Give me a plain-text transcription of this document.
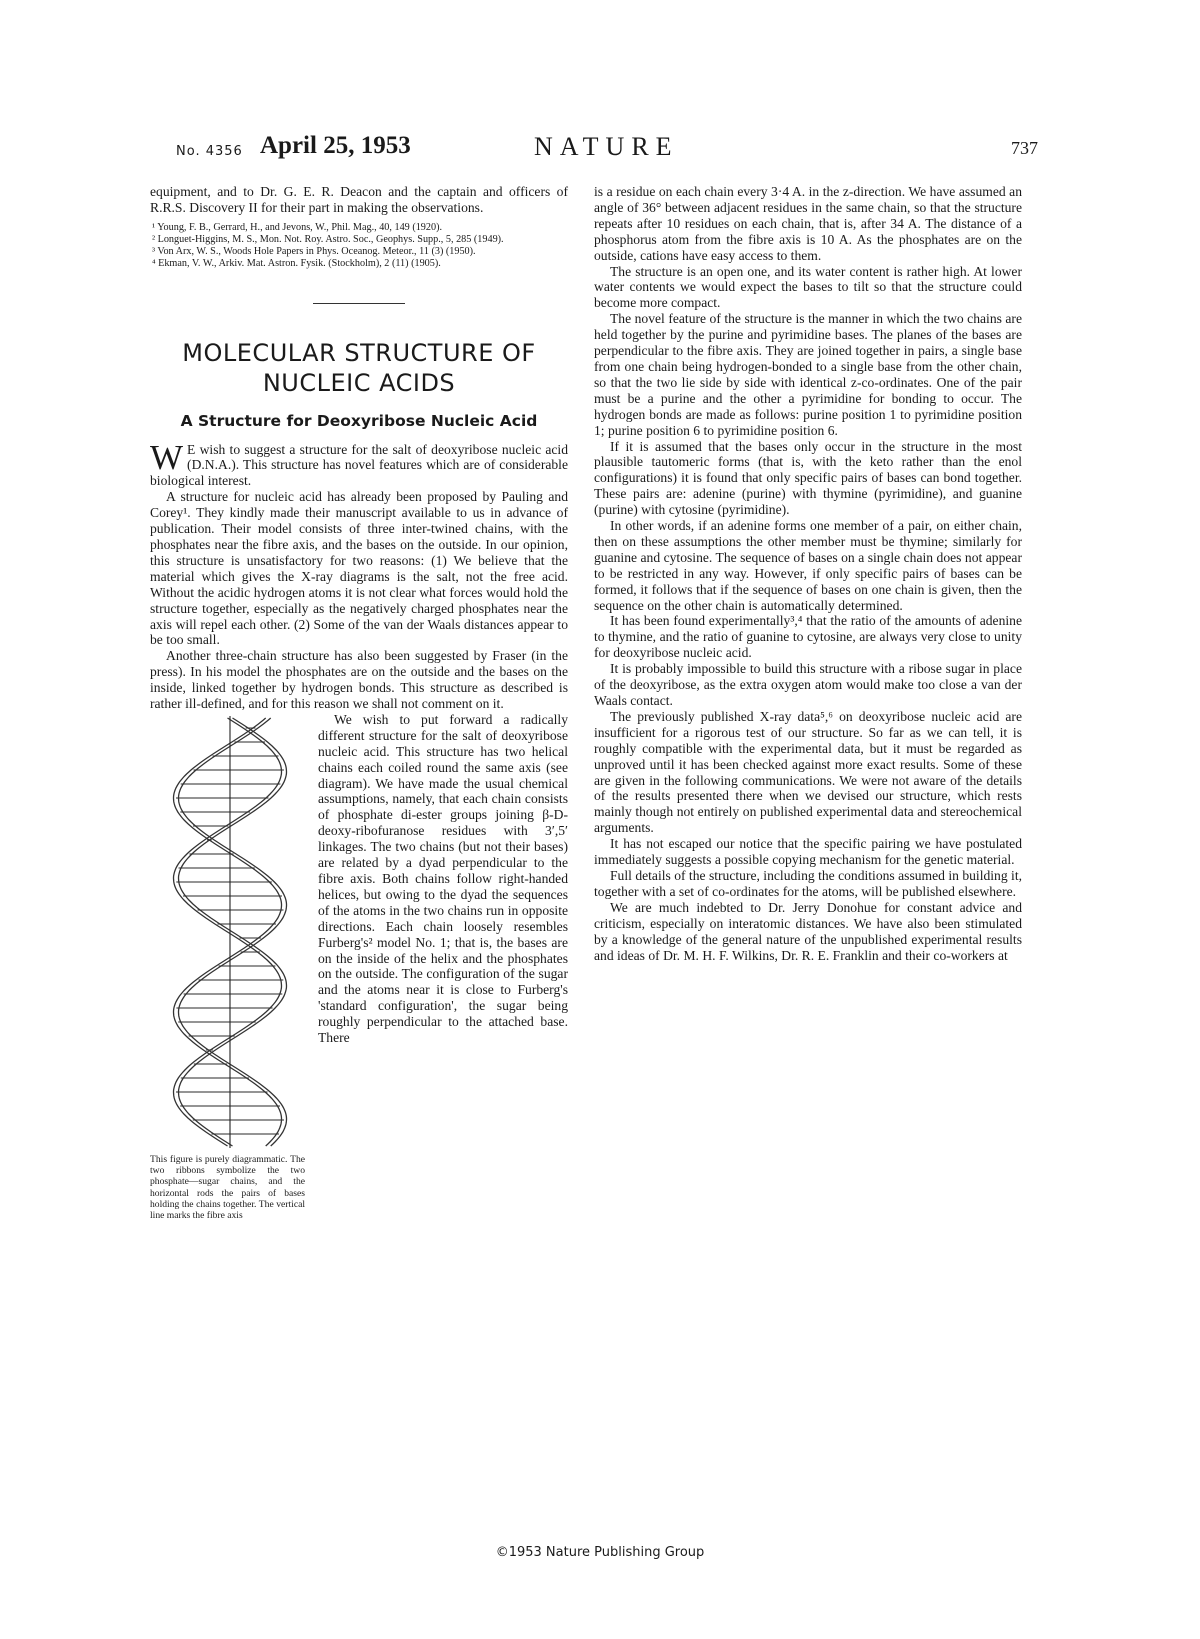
No. 4356 April 25, 1953	NATURE	737

equipment, and to Dr. G. E. R. Deacon and the captain and officers of R.R.S. Discovery II for their part in making the observations.

¹ Young, F. B., Gerrard, H., and Jevons, W., Phil. Mag., 40, 149 (1920).
² Longuet-Higgins, M. S., Mon. Not. Roy. Astro. Soc., Geophys. Supp., 5, 285 (1949).
³ Von Arx, W. S., Woods Hole Papers in Phys. Oceanog. Meteor., 11 (3) (1950).
⁴ Ekman, V. W., Arkiv. Mat. Astron. Fysik. (Stockholm), 2 (11) (1905).
MOLECULAR STRUCTURE OF
NUCLEIC ACIDS
A Structure for Deoxyribose Nucleic Acid

W E wish to suggest a structure for the salt of deoxyribose nucleic acid (D.N.A.). This structure has novel features which are of considerable biological interest.

A structure for nucleic acid has already been proposed by Pauling and Corey¹. They kindly made their manuscript available to us in advance of publication. Their model consists of three inter-twined chains, with the phosphates near the fibre axis, and the bases on the outside. In our opinion, this structure is unsatisfactory for two reasons: (1) We believe that the material which gives the X-ray diagrams is the salt, not the free acid. Without the acidic hydrogen atoms it is not clear what forces would hold the structure together, especially as the negatively charged phosphates near the axis will repel each other. (2) Some of the van der Waals distances appear to be too small.

Another three-chain structure has also been suggested by Fraser (in the press). In his model the phosphates are on the outside and the bases on the inside, linked together by hydrogen bonds. This structure as described is rather ill-defined, and for this reason we shall not comment on it.

This figure is purely diagrammatic. The two ribbons symbolize the two phosphate—sugar chains, and the horizontal rods the pairs of bases holding the chains together. The vertical line marks the fibre axis

We wish to put forward a radically different structure for the salt of deoxyribose nucleic acid. This structure has two helical chains each coiled round the same axis (see diagram). We have made the usual chemical assumptions, namely, that each chain consists of phosphate di-ester groups joining β-D-deoxy-ribofuranose residues with 3′,5′ linkages. The two chains (but not their bases) are related by a dyad perpendicular to the fibre axis. Both chains follow right-handed helices, but owing to the dyad the sequences of the atoms in the two chains run in opposite directions. Each chain loosely resembles Furberg's² model No. 1; that is, the bases are on the inside of the helix and the phosphates on the outside. The configuration of the sugar and the atoms near it is close to Furberg's 'standard configuration', the sugar being roughly perpendicular to the attached base. There

is a residue on each chain every 3·4 A. in the z-direction. We have assumed an angle of 36° between adjacent residues in the same chain, so that the structure repeats after 10 residues on each chain, that is, after 34 A. The distance of a phosphorus atom from the fibre axis is 10 A. As the phosphates are on the outside, cations have easy access to them.

The structure is an open one, and its water content is rather high. At lower water contents we would expect the bases to tilt so that the structure could become more compact.

The novel feature of the structure is the manner in which the two chains are held together by the purine and pyrimidine bases. The planes of the bases are perpendicular to the fibre axis. They are joined together in pairs, a single base from one chain being hydrogen-bonded to a single base from the other chain, so that the two lie side by side with identical z-co-ordinates. One of the pair must be a purine and the other a pyrimidine for bonding to occur. The hydrogen bonds are made as follows: purine position 1 to pyrimidine position 1; purine position 6 to pyrimidine position 6.

If it is assumed that the bases only occur in the structure in the most plausible tautomeric forms (that is, with the keto rather than the enol configurations) it is found that only specific pairs of bases can bond together. These pairs are: adenine (purine) with thymine (pyrimidine), and guanine (purine) with cytosine (pyrimidine).

In other words, if an adenine forms one member of a pair, on either chain, then on these assumptions the other member must be thymine; similarly for guanine and cytosine. The sequence of bases on a single chain does not appear to be restricted in any way. However, if only specific pairs of bases can be formed, it follows that if the sequence of bases on one chain is given, then the sequence on the other chain is automatically determined.

It has been found experimentally³,⁴ that the ratio of the amounts of adenine to thymine, and the ratio of guanine to cytosine, are always very close to unity for deoxyribose nucleic acid.

It is probably impossible to build this structure with a ribose sugar in place of the deoxyribose, as the extra oxygen atom would make too close a van der Waals contact.

The previously published X-ray data⁵,⁶ on deoxyribose nucleic acid are insufficient for a rigorous test of our structure. So far as we can tell, it is roughly compatible with the experimental data, but it must be regarded as unproved until it has been checked against more exact results. Some of these are given in the following communications. We were not aware of the details of the results presented there when we devised our structure, which rests mainly though not entirely on published experimental data and stereochemical arguments.

It has not escaped our notice that the specific pairing we have postulated immediately suggests a possible copying mechanism for the genetic material.

Full details of the structure, including the conditions assumed in building it, together with a set of co-ordinates for the atoms, will be published elsewhere.

We are much indebted to Dr. Jerry Donohue for constant advice and criticism, especially on interatomic distances. We have also been stimulated by a knowledge of the general nature of the unpublished experimental results and ideas of Dr. M. H. F. Wilkins, Dr. R. E. Franklin and their co-workers at

©1953 Nature Publishing Group
